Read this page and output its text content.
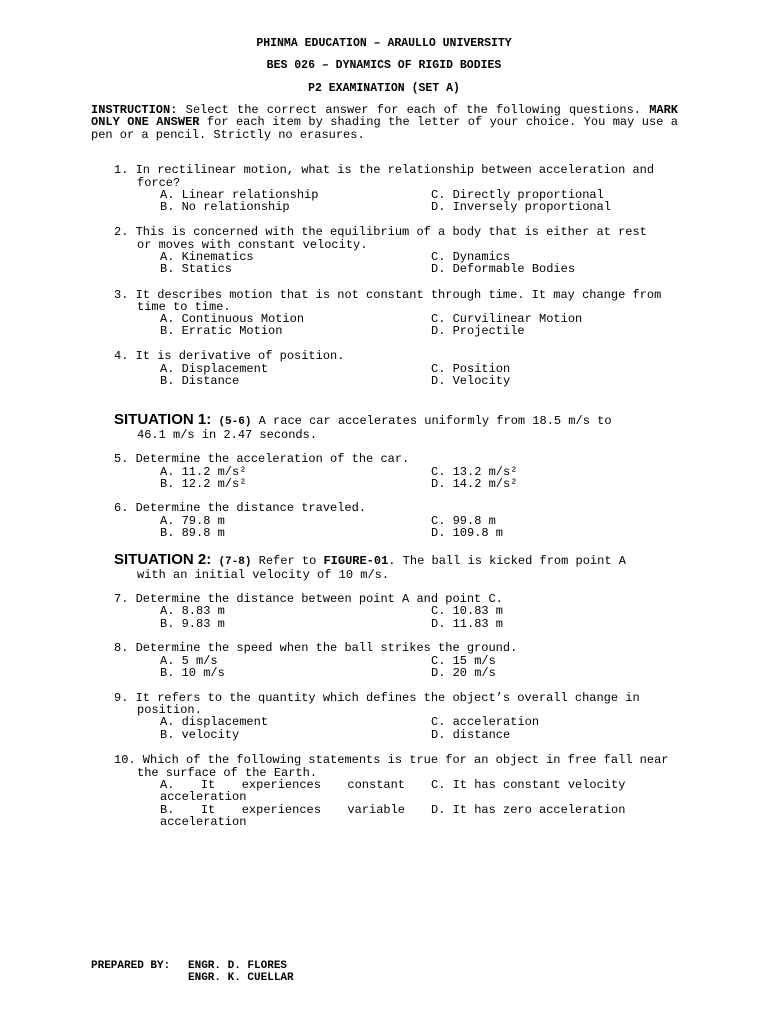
PHINMA EDUCATION – ARAULLO UNIVERSITY
BES 026 – DYNAMICS OF RIGID BODIES
P2 EXAMINATION (SET A)
INSTRUCTION: Select the correct answer for each of the following questions. MARK ONLY ONE ANSWER for each item by shading the letter of your choice. You may use a pen or a pencil. Strictly no erasures.
1. In rectilinear motion, what is the relationship between acceleration and
force?
A. Linear relationship
B. No relationship
C. Directly proportional
D. Inversely proportional
2. This is concerned with the equilibrium of a body that is either at rest
or moves with constant velocity.
A. Kinematics
B. Statics
C. Dynamics
D. Deformable Bodies
3. It describes motion that is not constant through time. It may change from
time to time.
A. Continuous Motion
B. Erratic Motion
C. Curvilinear Motion
D. Projectile
4. It is derivative of position.
A. Displacement
B. Distance
C. Position
D. Velocity
SITUATION 1: (5-6) A race car accelerates uniformly from 18.5 m/s to
46.1 m/s in 2.47 seconds.
5. Determine the acceleration of the car.
A. 11.2 m/s²
B. 12.2 m/s²
C. 13.2 m/s²
D. 14.2 m/s²
6. Determine the distance traveled.
A. 79.8 m
B. 89.8 m
C. 99.8 m
D. 109.8 m
SITUATION 2: (7-8) Refer to FIGURE-01. The ball is kicked from point A
with an initial velocity of 10 m/s.
7. Determine the distance between point A and point C.
A. 8.83 m
B. 9.83 m
C. 10.83 m
D. 11.83 m
8. Determine the speed when the ball strikes the ground.
A. 5 m/s
B. 10 m/s
C. 15 m/s
D. 20 m/s
9. It refers to the quantity which defines the object’s overall change in
position.
A. displacement
B. velocity
C. acceleration
D. distance
10. Which of the following statements is true for an object in free fall near
the surface of the Earth.
A. It experiences constant acceleration
B. It experiences variable acceleration
C. It has constant velocity
D. It has zero acceleration
PREPARED BY: ENGR. D. FLORES
ENGR. K. CUELLAR
